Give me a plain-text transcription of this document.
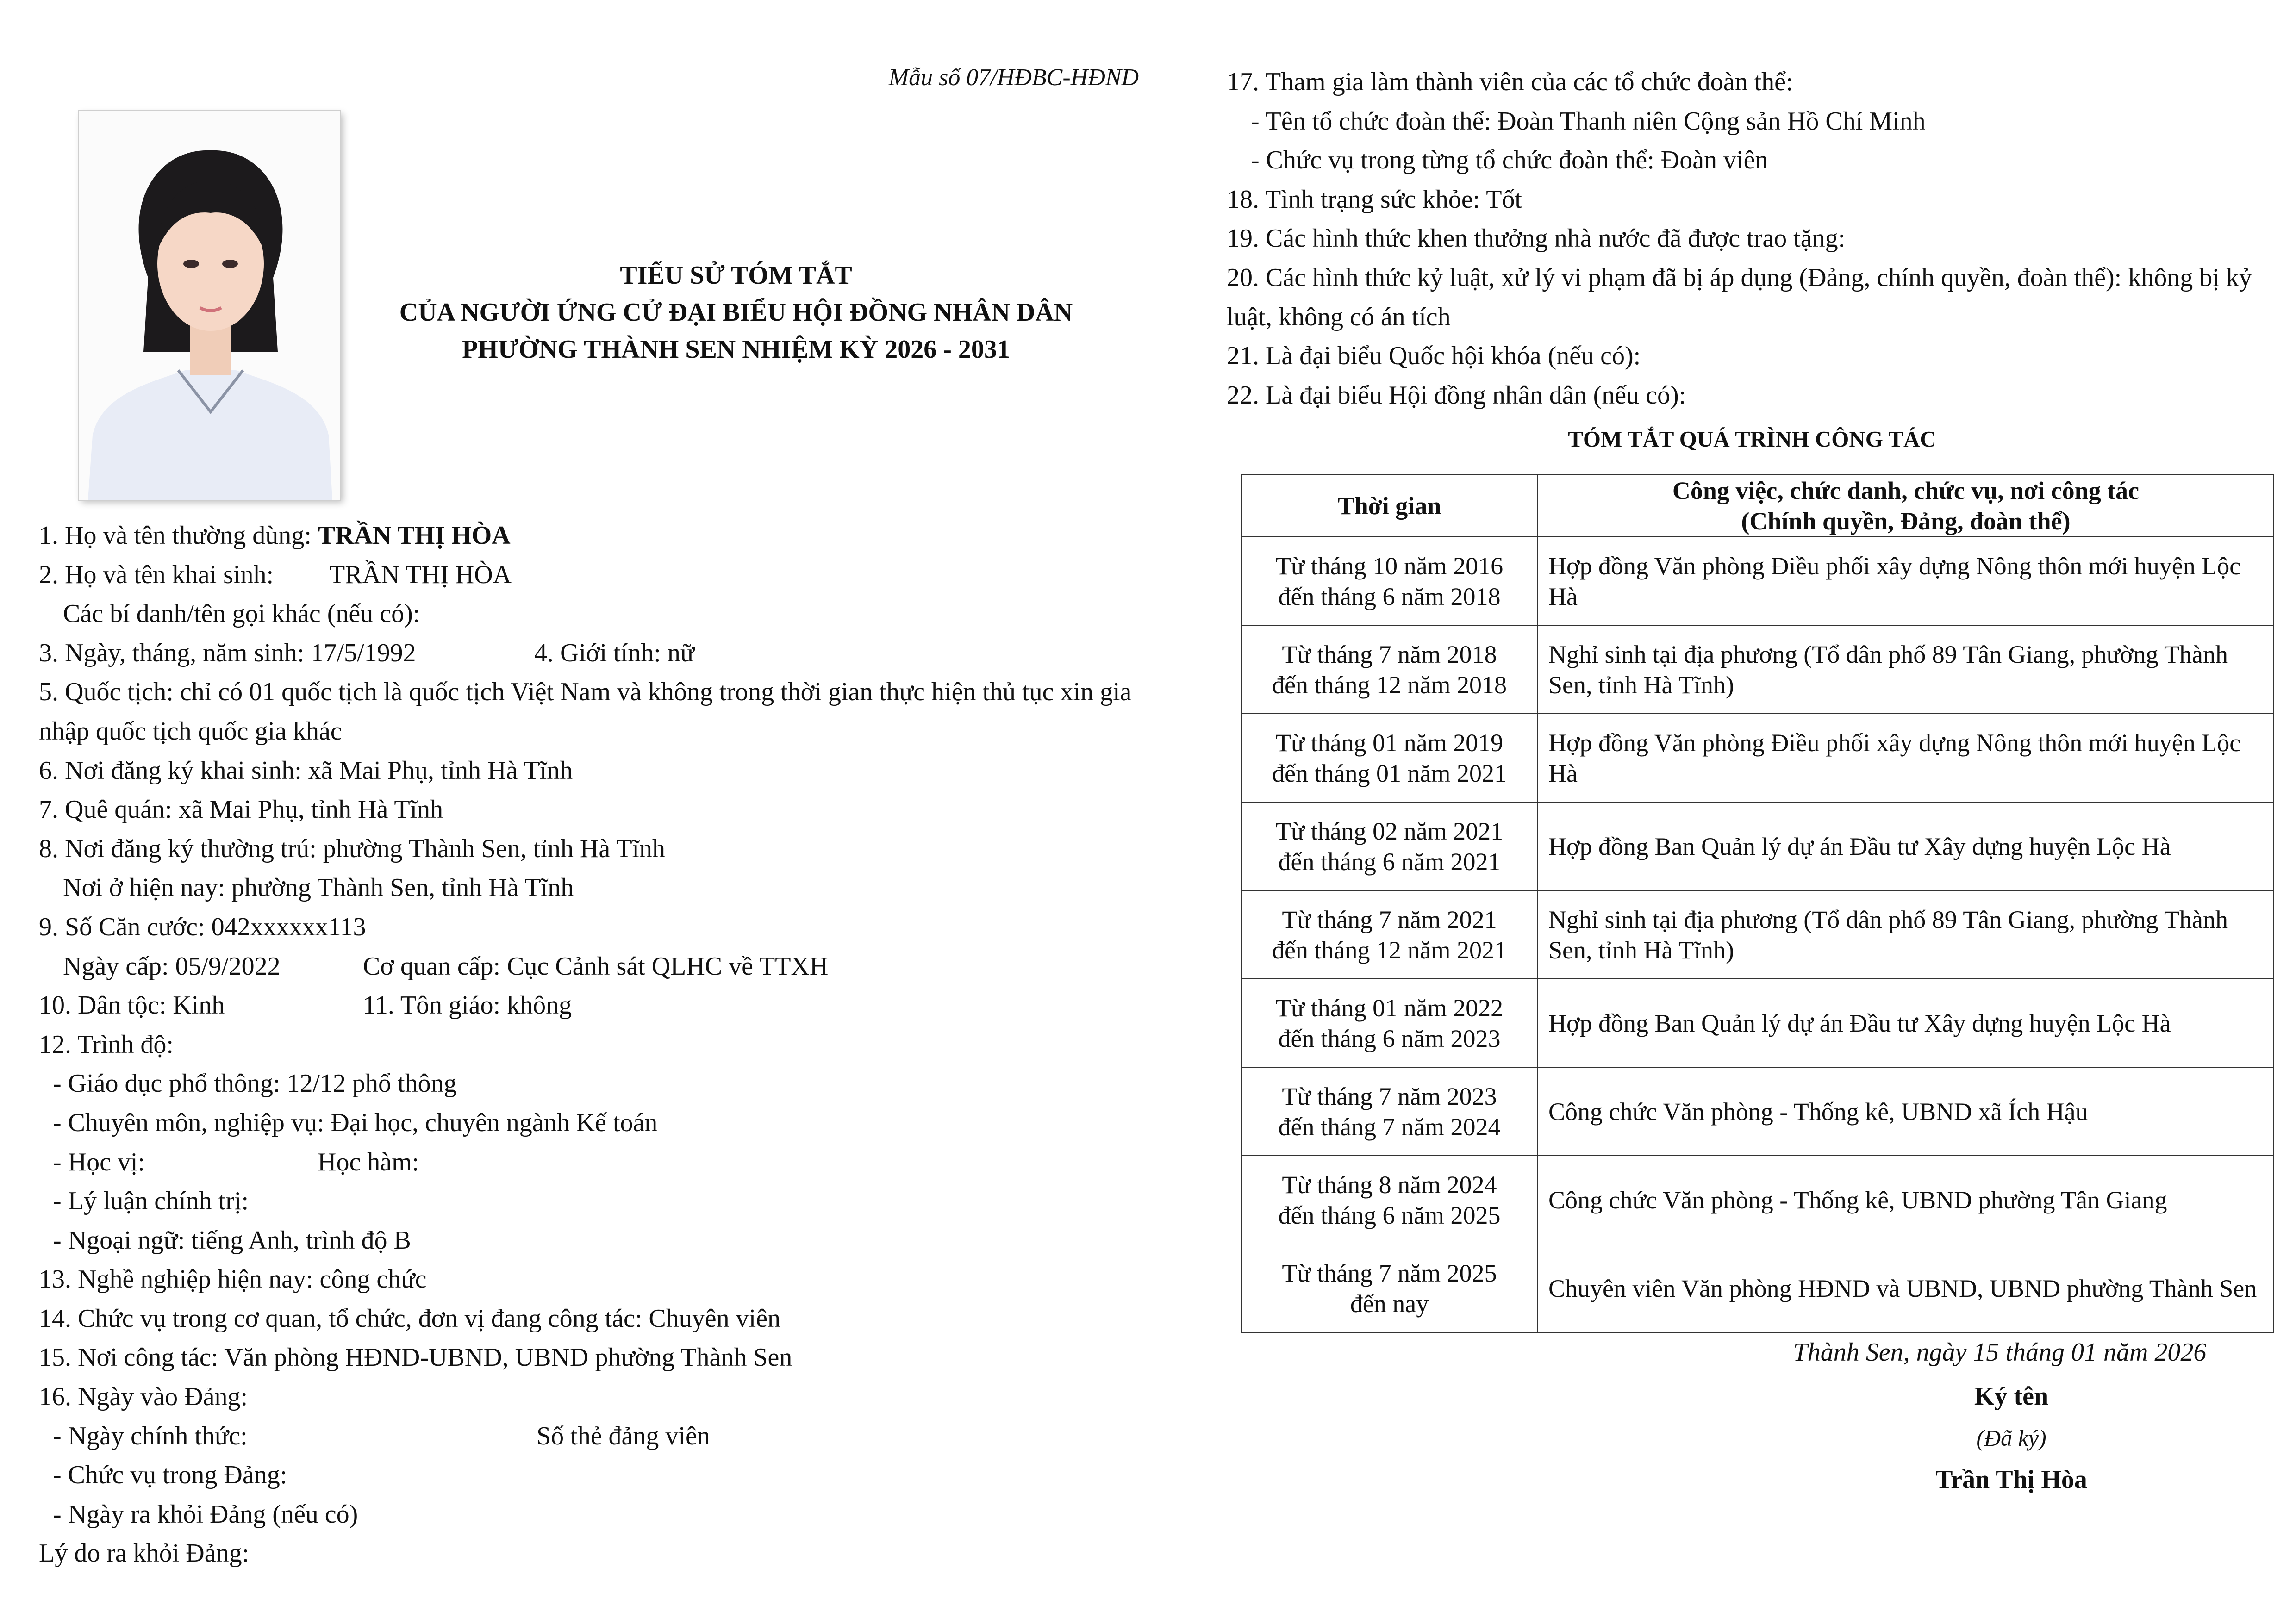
Mẫu số 07/HĐBC-HĐND
TIỂU SỬ TÓM TẮT
CỦA NGƯỜI ỨNG CỬ ĐẠI BIỂU HỘI ĐỒNG NHÂN DÂN
PHƯỜNG THÀNH SEN NHIỆM KỲ 2026 - 2031
1. Họ và tên thường dùng: TRẦN THỊ HÒA
2. Họ và tên khai sinh: TRẦN THỊ HÒA
Các bí danh/tên gọi khác (nếu có):
3. Ngày, tháng, năm sinh: 17/5/1992	4. Giới tính: nữ
5. Quốc tịch: chỉ có 01 quốc tịch là quốc tịch Việt Nam và không trong thời gian thực hiện thủ tục xin gia nhập quốc tịch quốc gia khác
6. Nơi đăng ký khai sinh: xã Mai Phụ, tỉnh Hà Tĩnh
7. Quê quán: xã Mai Phụ, tỉnh Hà Tĩnh
8. Nơi đăng ký thường trú: phường Thành Sen, tỉnh Hà Tĩnh
Nơi ở hiện nay: phường Thành Sen, tỉnh Hà Tĩnh
9. Số Căn cước: 042xxxxxx113
Ngày cấp: 05/9/2022	Cơ quan cấp: Cục Cảnh sát QLHC về TTXH
10. Dân tộc: Kinh	11. Tôn giáo: không
12. Trình độ:
- Giáo dục phổ thông: 12/12 phổ thông
- Chuyên môn, nghiệp vụ: Đại học, chuyên ngành Kế toán
- Học vị:	Học hàm:
- Lý luận chính trị:
- Ngoại ngữ: tiếng Anh, trình độ B
13. Nghề nghiệp hiện nay: công chức
14. Chức vụ trong cơ quan, tổ chức, đơn vị đang công tác: Chuyên viên
15. Nơi công tác: Văn phòng HĐND-UBND, UBND phường Thành Sen
16. Ngày vào Đảng:
- Ngày chính thức:	Số thẻ đảng viên
- Chức vụ trong Đảng:
- Ngày ra khỏi Đảng (nếu có)
Lý do ra khỏi Đảng:
17. Tham gia làm thành viên của các tổ chức đoàn thể:
- Tên tổ chức đoàn thể: Đoàn Thanh niên Cộng sản Hồ Chí Minh
- Chức vụ trong từng tổ chức đoàn thể: Đoàn viên
18. Tình trạng sức khỏe: Tốt
19. Các hình thức khen thưởng nhà nước đã được trao tặng:
20. Các hình thức kỷ luật, xử lý vi phạm đã bị áp dụng (Đảng, chính quyền, đoàn thể): không bị kỷ luật, không có án tích
21. Là đại biểu Quốc hội khóa (nếu có):
22. Là đại biểu Hội đồng nhân dân (nếu có):
TÓM TẮT QUÁ TRÌNH CÔNG TÁC
Thời gian	Công việc, chức danh, chức vụ, nơi công tác
(Chính quyền, Đảng, đoàn thể)

Từ tháng 10 năm 2016
đến tháng 6 năm 2018	Hợp đồng Văn phòng Điều phối xây dựng Nông thôn mới huyện Lộc Hà

Từ tháng 7 năm 2018
đến tháng 12 năm 2018	Nghỉ sinh tại địa phương (Tổ dân phố 89 Tân Giang, phường Thành Sen, tỉnh Hà Tĩnh)

Từ tháng 01 năm 2019
đến tháng 01 năm 2021	Hợp đồng Văn phòng Điều phối xây dựng Nông thôn mới huyện Lộc Hà

Từ tháng 02 năm 2021
đến tháng 6 năm 2021	Hợp đồng Ban Quản lý dự án Đầu tư Xây dựng huyện Lộc Hà

Từ tháng 7 năm 2021
đến tháng 12 năm 2021	Nghỉ sinh tại địa phương (Tổ dân phố 89 Tân Giang, phường Thành Sen, tỉnh Hà Tĩnh)

Từ tháng 01 năm 2022
đến tháng 6 năm 2023	Hợp đồng Ban Quản lý dự án Đầu tư Xây dựng huyện Lộc Hà

Từ tháng 7 năm 2023
đến tháng 7 năm 2024	Công chức Văn phòng - Thống kê, UBND xã Ích Hậu

Từ tháng 8 năm 2024
đến tháng 6 năm 2025	Công chức Văn phòng - Thống kê, UBND phường Tân Giang

Từ tháng 7 năm 2025
đến nay	Chuyên viên Văn phòng HĐND và UBND, UBND phường Thành Sen
Thành Sen, ngày 15 tháng 01 năm 2026
Ký tên
(Đã ký)
Trần Thị Hòa
